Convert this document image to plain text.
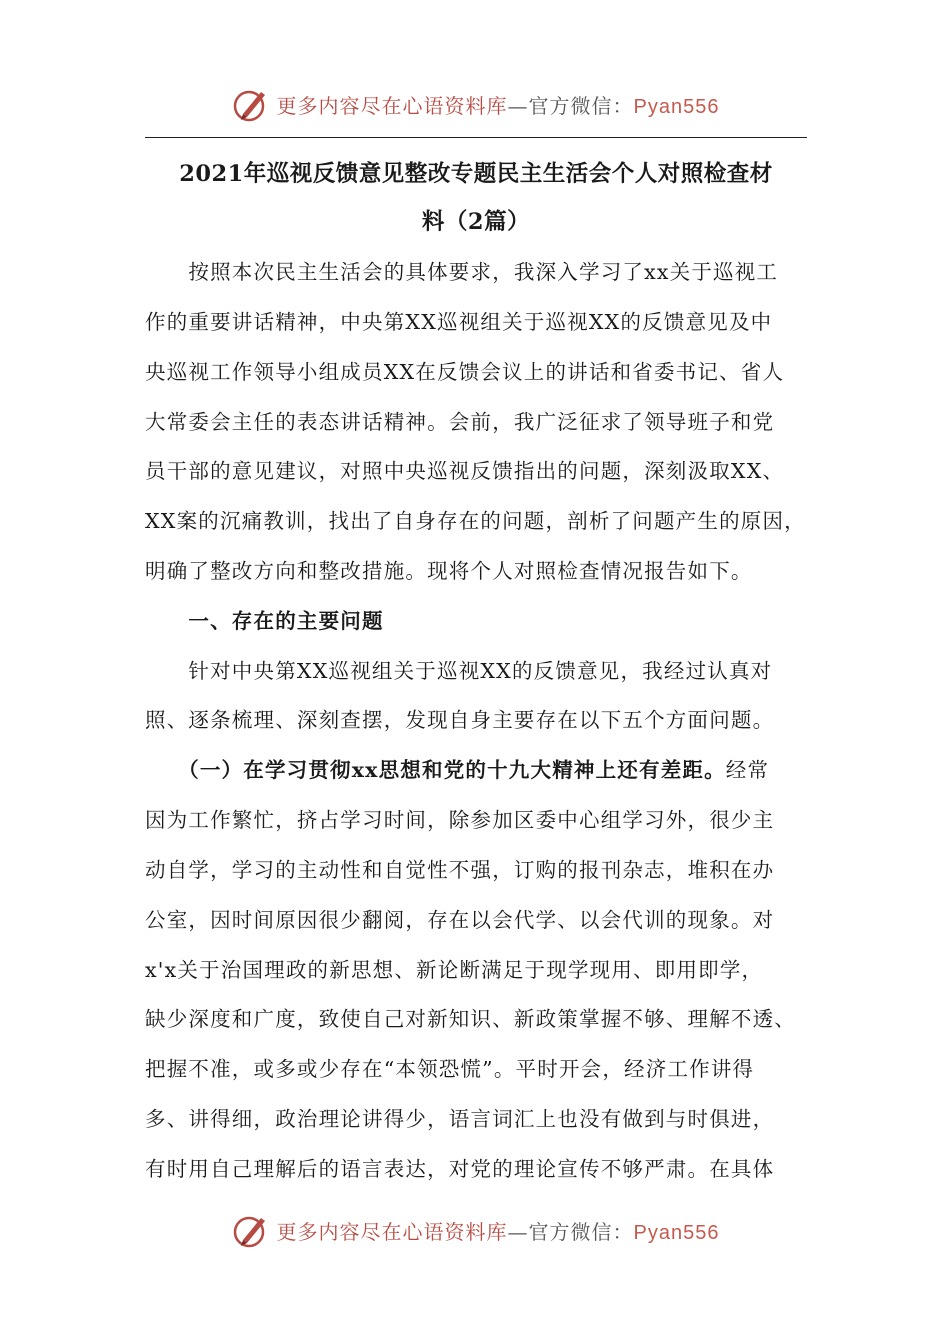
更多内容尽在心语资料库—官方微信：Pyan556
2021年巡视反馈意见整改专题民主生活会个人对照检查材
料（2篇）
　　按照本次民主生活会的具体要求，我深入学习了xx关于巡视工
作的重要讲话精神，中央第XX巡视组关于巡视XX的反馈意见及中
央巡视工作领导小组成员XX在反馈会议上的讲话和省委书记、省人
大常委会主任的表态讲话精神。会前，我广泛征求了领导班子和党
员干部的意见建议，对照中央巡视反馈指出的问题，深刻汲取XX、
XX案的沉痛教训，找出了自身存在的问题，剖析了问题产生的原因，
明确了整改方向和整改措施。现将个人对照检查情况报告如下。
　　一、存在的主要问题
　　针对中央第XX巡视组关于巡视XX的反馈意见，我经过认真对
照、逐条梳理、深刻查摆，发现自身主要存在以下五个方面问题。
　　（一）在学习贯彻xx思想和党的十九大精神上还有差距。经常
因为工作繁忙，挤占学习时间，除参加区委中心组学习外，很少主
动自学，学习的主动性和自觉性不强，订购的报刊杂志，堆积在办
公室，因时间原因很少翻阅，存在以会代学、以会代训的现象。对
x'x关于治国理政的新思想、新论断满足于现学现用、即用即学，
缺少深度和广度，致使自己对新知识、新政策掌握不够、理解不透、
把握不准，或多或少存在“本领恐慌”。平时开会，经济工作讲得
多、讲得细，政治理论讲得少，语言词汇上也没有做到与时俱进，
有时用自己理解后的语言表达，对党的理论宣传不够严肃。在具体
更多内容尽在心语资料库—官方微信：Pyan556
